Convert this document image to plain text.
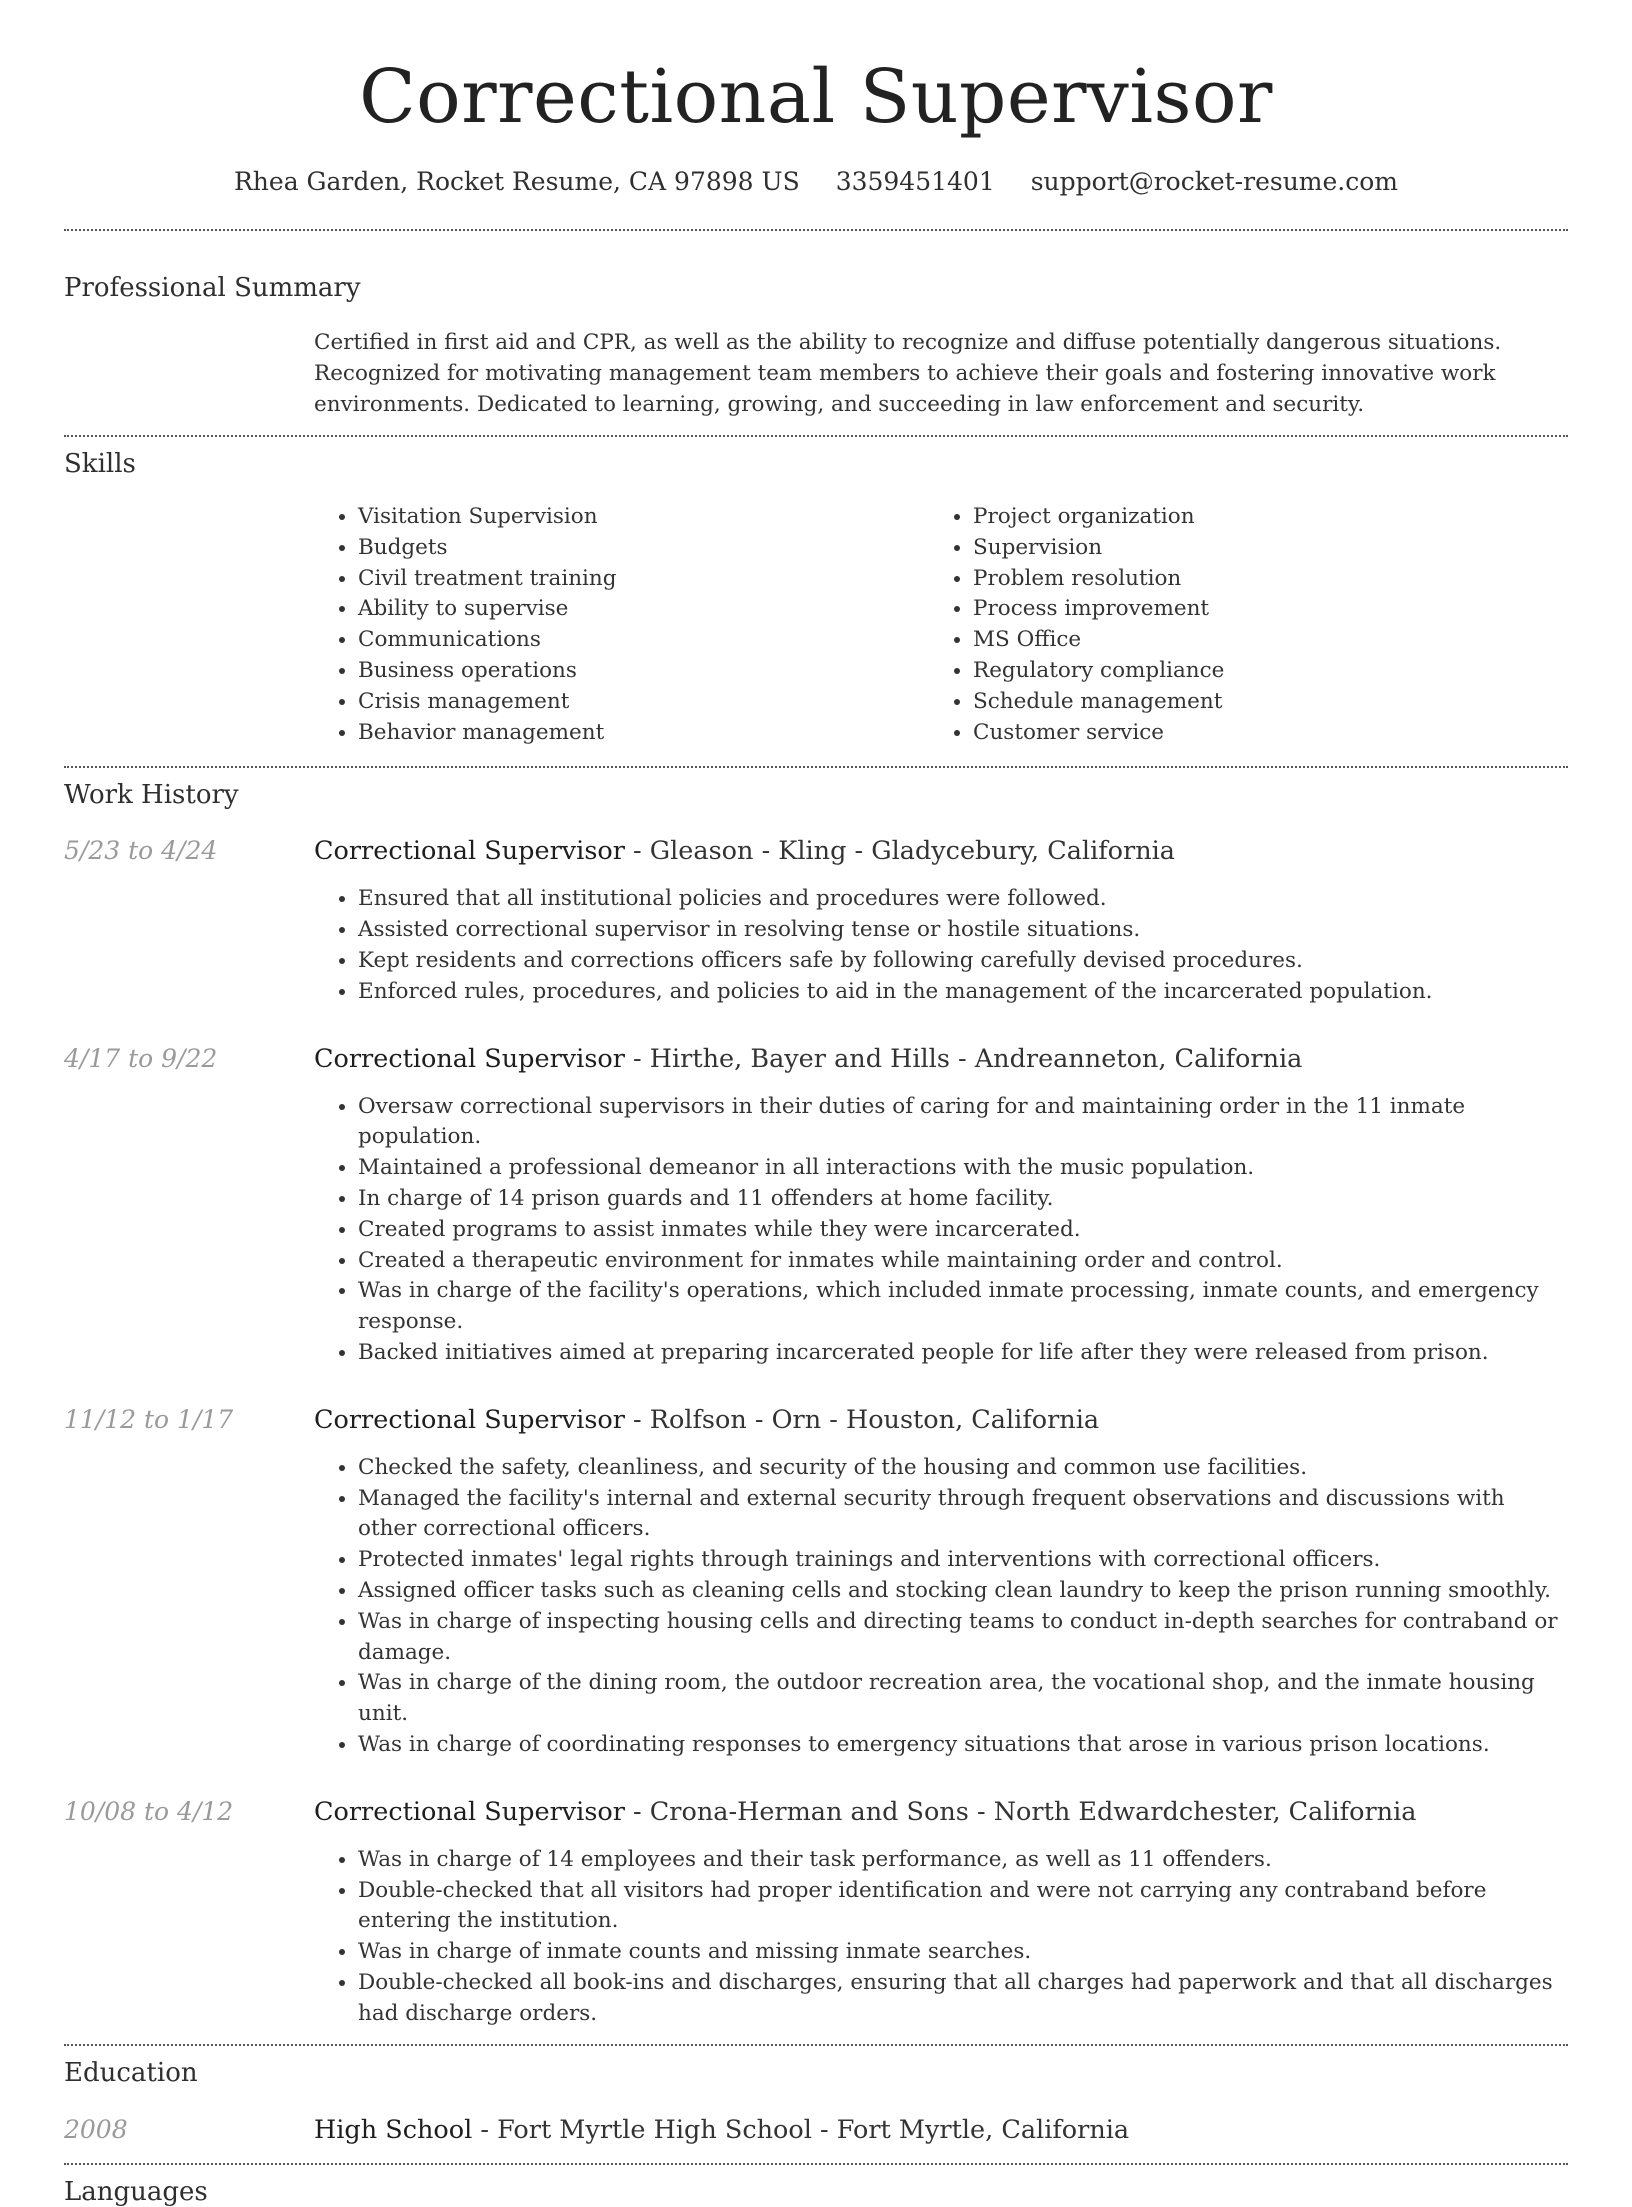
Correctional Supervisor
Rhea Garden, Rocket Resume, CA 97898 US 3359451401 support@rocket-resume.com
Professional Summary
Certified in first aid and CPR, as well as the ability to recognize and diffuse potentially dangerous situations. Recognized for motivating management team members to achieve their goals and fostering innovative work environments. Dedicated to learning, growing, and succeeding in law enforcement and security.
Skills
• Visitation Supervision
• Budgets
• Civil treatment training
• Ability to supervise
• Communications
• Business operations
• Crisis management
• Behavior management
• Project organization
• Supervision
• Problem resolution
• Process improvement
• MS Office
• Regulatory compliance
• Schedule management
• Customer service
Work History
5/23 to 4/24	Correctional Supervisor - Gleason - Kling - Gladycebury, California
• Ensured that all institutional policies and procedures were followed.
• Assisted correctional supervisor in resolving tense or hostile situations.
• Kept residents and corrections officers safe by following carefully devised procedures.
• Enforced rules, procedures, and policies to aid in the management of the incarcerated population.
4/17 to 9/22	Correctional Supervisor - Hirthe, Bayer and Hills - Andreanneton, California
• Oversaw correctional supervisors in their duties of caring for and maintaining order in the 11 inmate population.
• Maintained a professional demeanor in all interactions with the music population.
• In charge of 14 prison guards and 11 offenders at home facility.
• Created programs to assist inmates while they were incarcerated.
• Created a therapeutic environment for inmates while maintaining order and control.
• Was in charge of the facility's operations, which included inmate processing, inmate counts, and emergency response.
• Backed initiatives aimed at preparing incarcerated people for life after they were released from prison.
11/12 to 1/17	Correctional Supervisor - Rolfson - Orn - Houston, California
• Checked the safety, cleanliness, and security of the housing and common use facilities.
• Managed the facility's internal and external security through frequent observations and discussions with other correctional officers.
• Protected inmates' legal rights through trainings and interventions with correctional officers.
• Assigned officer tasks such as cleaning cells and stocking clean laundry to keep the prison running smoothly.
• Was in charge of inspecting housing cells and directing teams to conduct in-depth searches for contraband or damage.
• Was in charge of the dining room, the outdoor recreation area, the vocational shop, and the inmate housing unit.
• Was in charge of coordinating responses to emergency situations that arose in various prison locations.
10/08 to 4/12	Correctional Supervisor - Crona-Herman and Sons - North Edwardchester, California
• Was in charge of 14 employees and their task performance, as well as 11 offenders.
• Double-checked that all visitors had proper identification and were not carrying any contraband before entering the institution.
• Was in charge of inmate counts and missing inmate searches.
• Double-checked all book-ins and discharges, ensuring that all charges had paperwork and that all discharges had discharge orders.
Education
2008	High School - Fort Myrtle High School - Fort Myrtle, California
Languages
